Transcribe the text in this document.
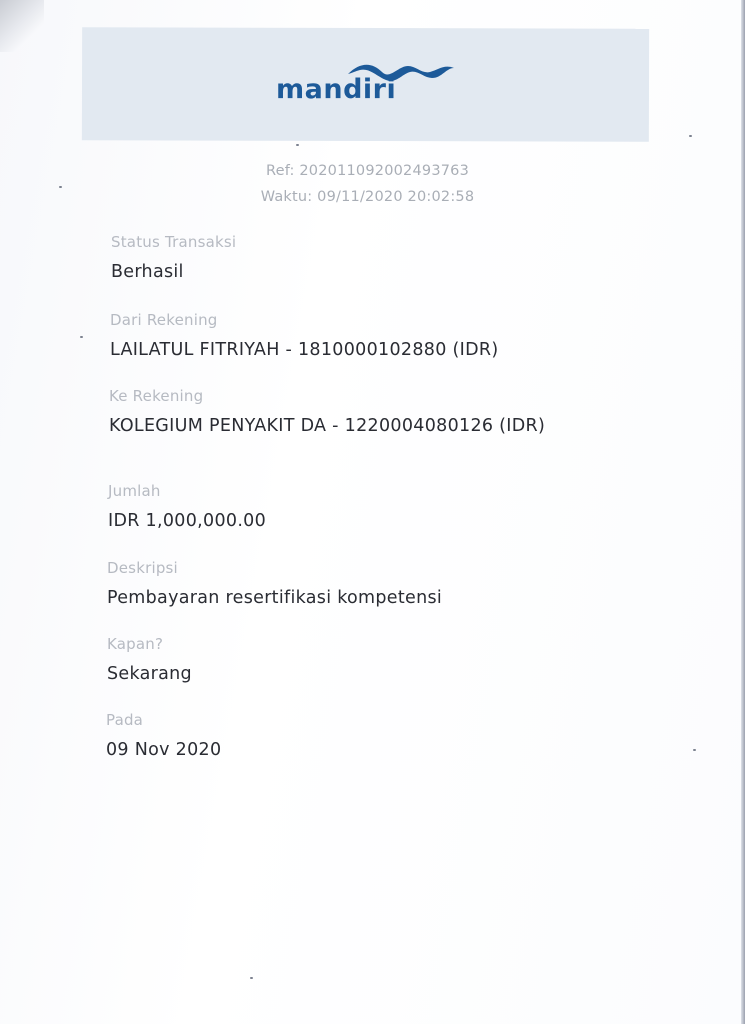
mandiri
Ref: 202011092002493763
Waktu: 09/11/2020 20:02:58
Status Transaksi
Berhasil
Dari Rekening
LAILATUL FITRIYAH - 1810000102880 (IDR)
Ke Rekening
KOLEGIUM PENYAKIT DA - 1220004080126 (IDR)
Jumlah
IDR 1,000,000.00
Deskripsi
Pembayaran resertifikasi kompetensi
Kapan?
Sekarang
Pada
09 Nov 2020
